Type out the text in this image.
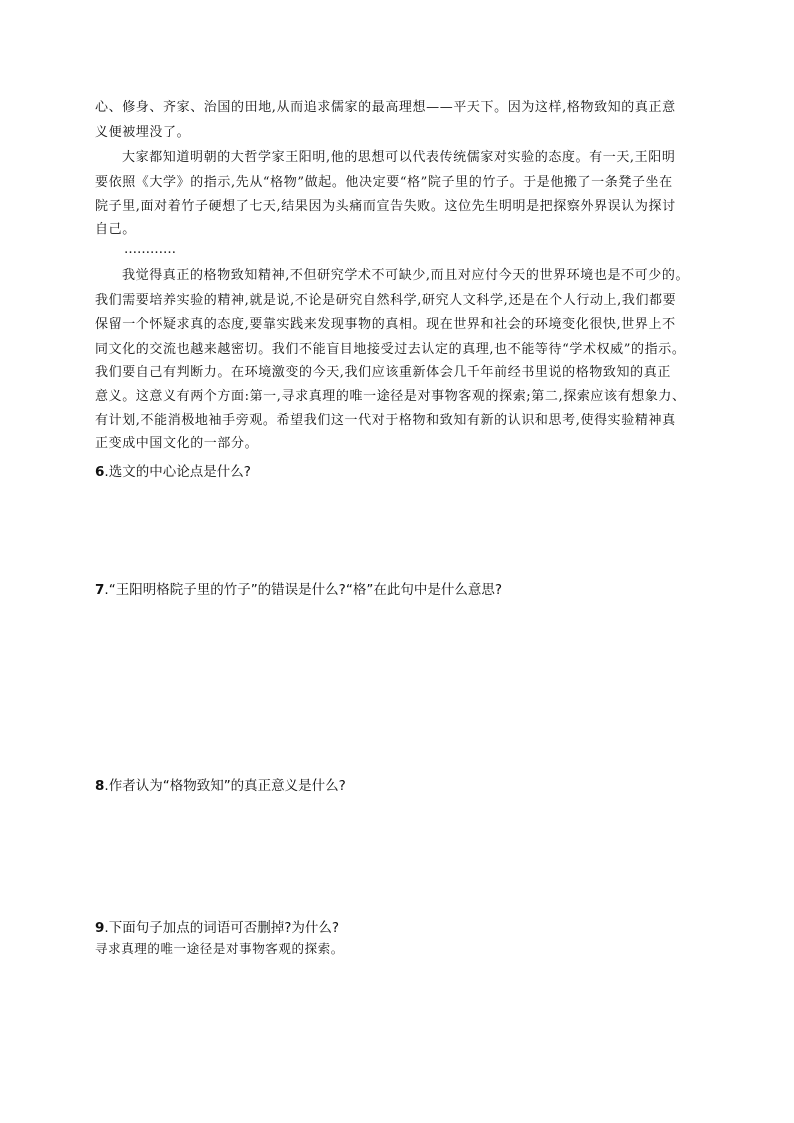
心、修身、齐家、治国的田地,从而追求儒家的最高理想——平天下。因为这样,格物致知的真正意
义便被埋没了。
大家都知道明朝的大哲学家王阳明,他的思想可以代表传统儒家对实验的态度。有一天,王阳明
要依照《大学》的指示,先从“格物”做起。他决定要“格”院子里的竹子。于是他搬了一条凳子坐在
院子里,面对着竹子硬想了七天,结果因为头痛而宣告失败。这位先生明明是把探察外界误认为探讨
自己。
…………
我觉得真正的格物致知精神,不但研究学术不可缺少,而且对应付今天的世界环境也是不可少的。
我们需要培养实验的精神,就是说,不论是研究自然科学,研究人文科学,还是在个人行动上,我们都要
保留一个怀疑求真的态度,要靠实践来发现事物的真相。现在世界和社会的环境变化很快,世界上不
同文化的交流也越来越密切。我们不能盲目地接受过去认定的真理,也不能等待“学术权威”的指示。
我们要自己有判断力。在环境激变的今天,我们应该重新体会几千年前经书里说的格物致知的真正
意义。这意义有两个方面:第一,寻求真理的唯一途径是对事物客观的探索;第二,探索应该有想象力、
有计划,不能消极地袖手旁观。希望我们这一代对于格物和致知有新的认识和思考,使得实验精神真
正变成中国文化的一部分。
6.选文的中心论点是什么?
7.“王阳明格院子里的竹子”的错误是什么?“格”在此句中是什么意思?
8.作者认为“格物致知”的真正意义是什么?
9.下面句子加点的词语可否删掉?为什么?
寻求真理的唯一途径是对事物客观的探索。
